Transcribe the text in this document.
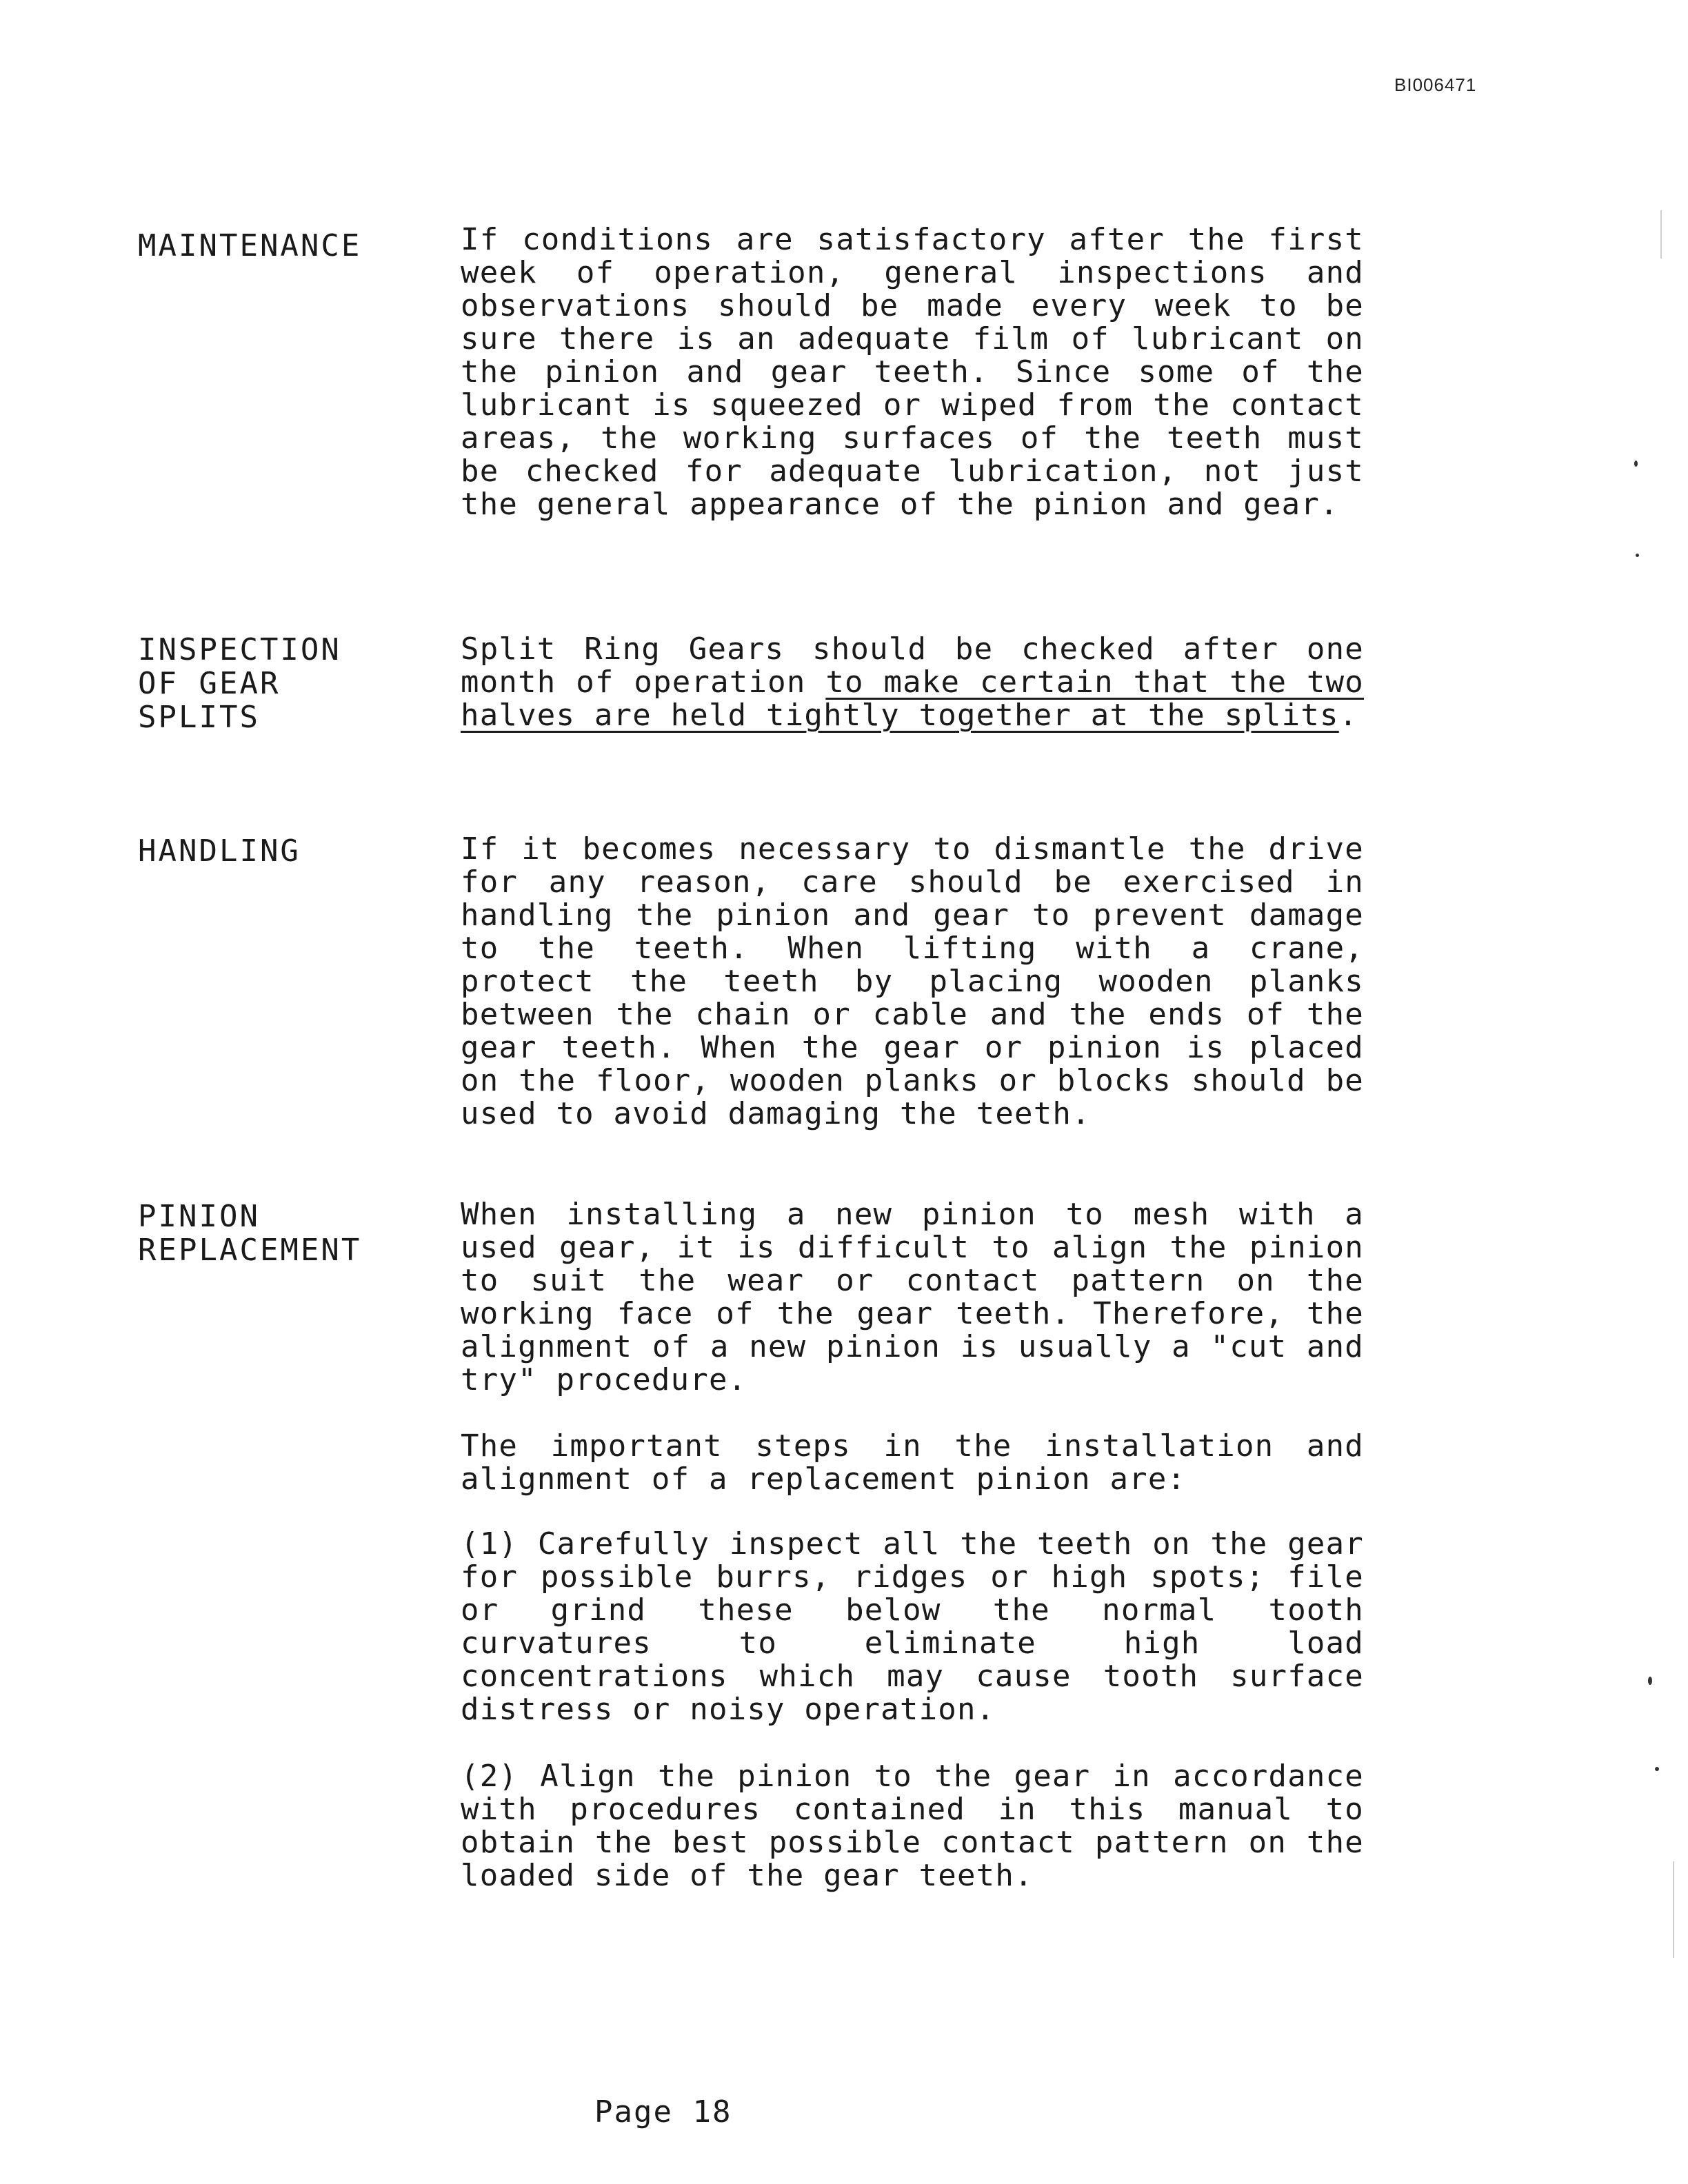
BI006471
MAINTENANCE	If conditions are satisfactory after the first week of operation, general inspections and observations should be made every week to be sure there is an adequate film of lubricant on the pinion and gear teeth. Since some of the lubricant is squeezed or wiped from the contact areas, the working surfaces of the teeth must be checked for adequate lubrication, not just the general appearance of the pinion and gear.
INSPECTION
OF GEAR
SPLITS
Split Ring Gears should be checked after one month of operation to make certain that the two halves are held tightly together at the splits.
HANDLING	If it becomes necessary to dismantle the drive for any reason, care should be exercised in handling the pinion and gear to prevent damage to the teeth. When lifting with a crane, protect the teeth by placing wooden planks between the chain or cable and the ends of the gear teeth. When the gear or pinion is placed on the floor, wooden planks or blocks should be used to avoid damaging the teeth.
PINION
REPLACEMENT
When installing a new pinion to mesh with a used gear, it is difficult to align the pinion to suit the wear or contact pattern on the working face of the gear teeth. Therefore, the alignment of a new pinion is usually a "cut and try" procedure.
The important steps in the installation and alignment of a replacement pinion are:
(1) Carefully inspect all the teeth on the gear for possible burrs, ridges or high spots; file or grind these below the normal tooth curvatures to eliminate high load concentrations which may cause tooth surface distress or noisy operation.
(2) Align the pinion to the gear in accordance with procedures contained in this manual to obtain the best possible contact pattern on the loaded side of the gear teeth.
Page 18
